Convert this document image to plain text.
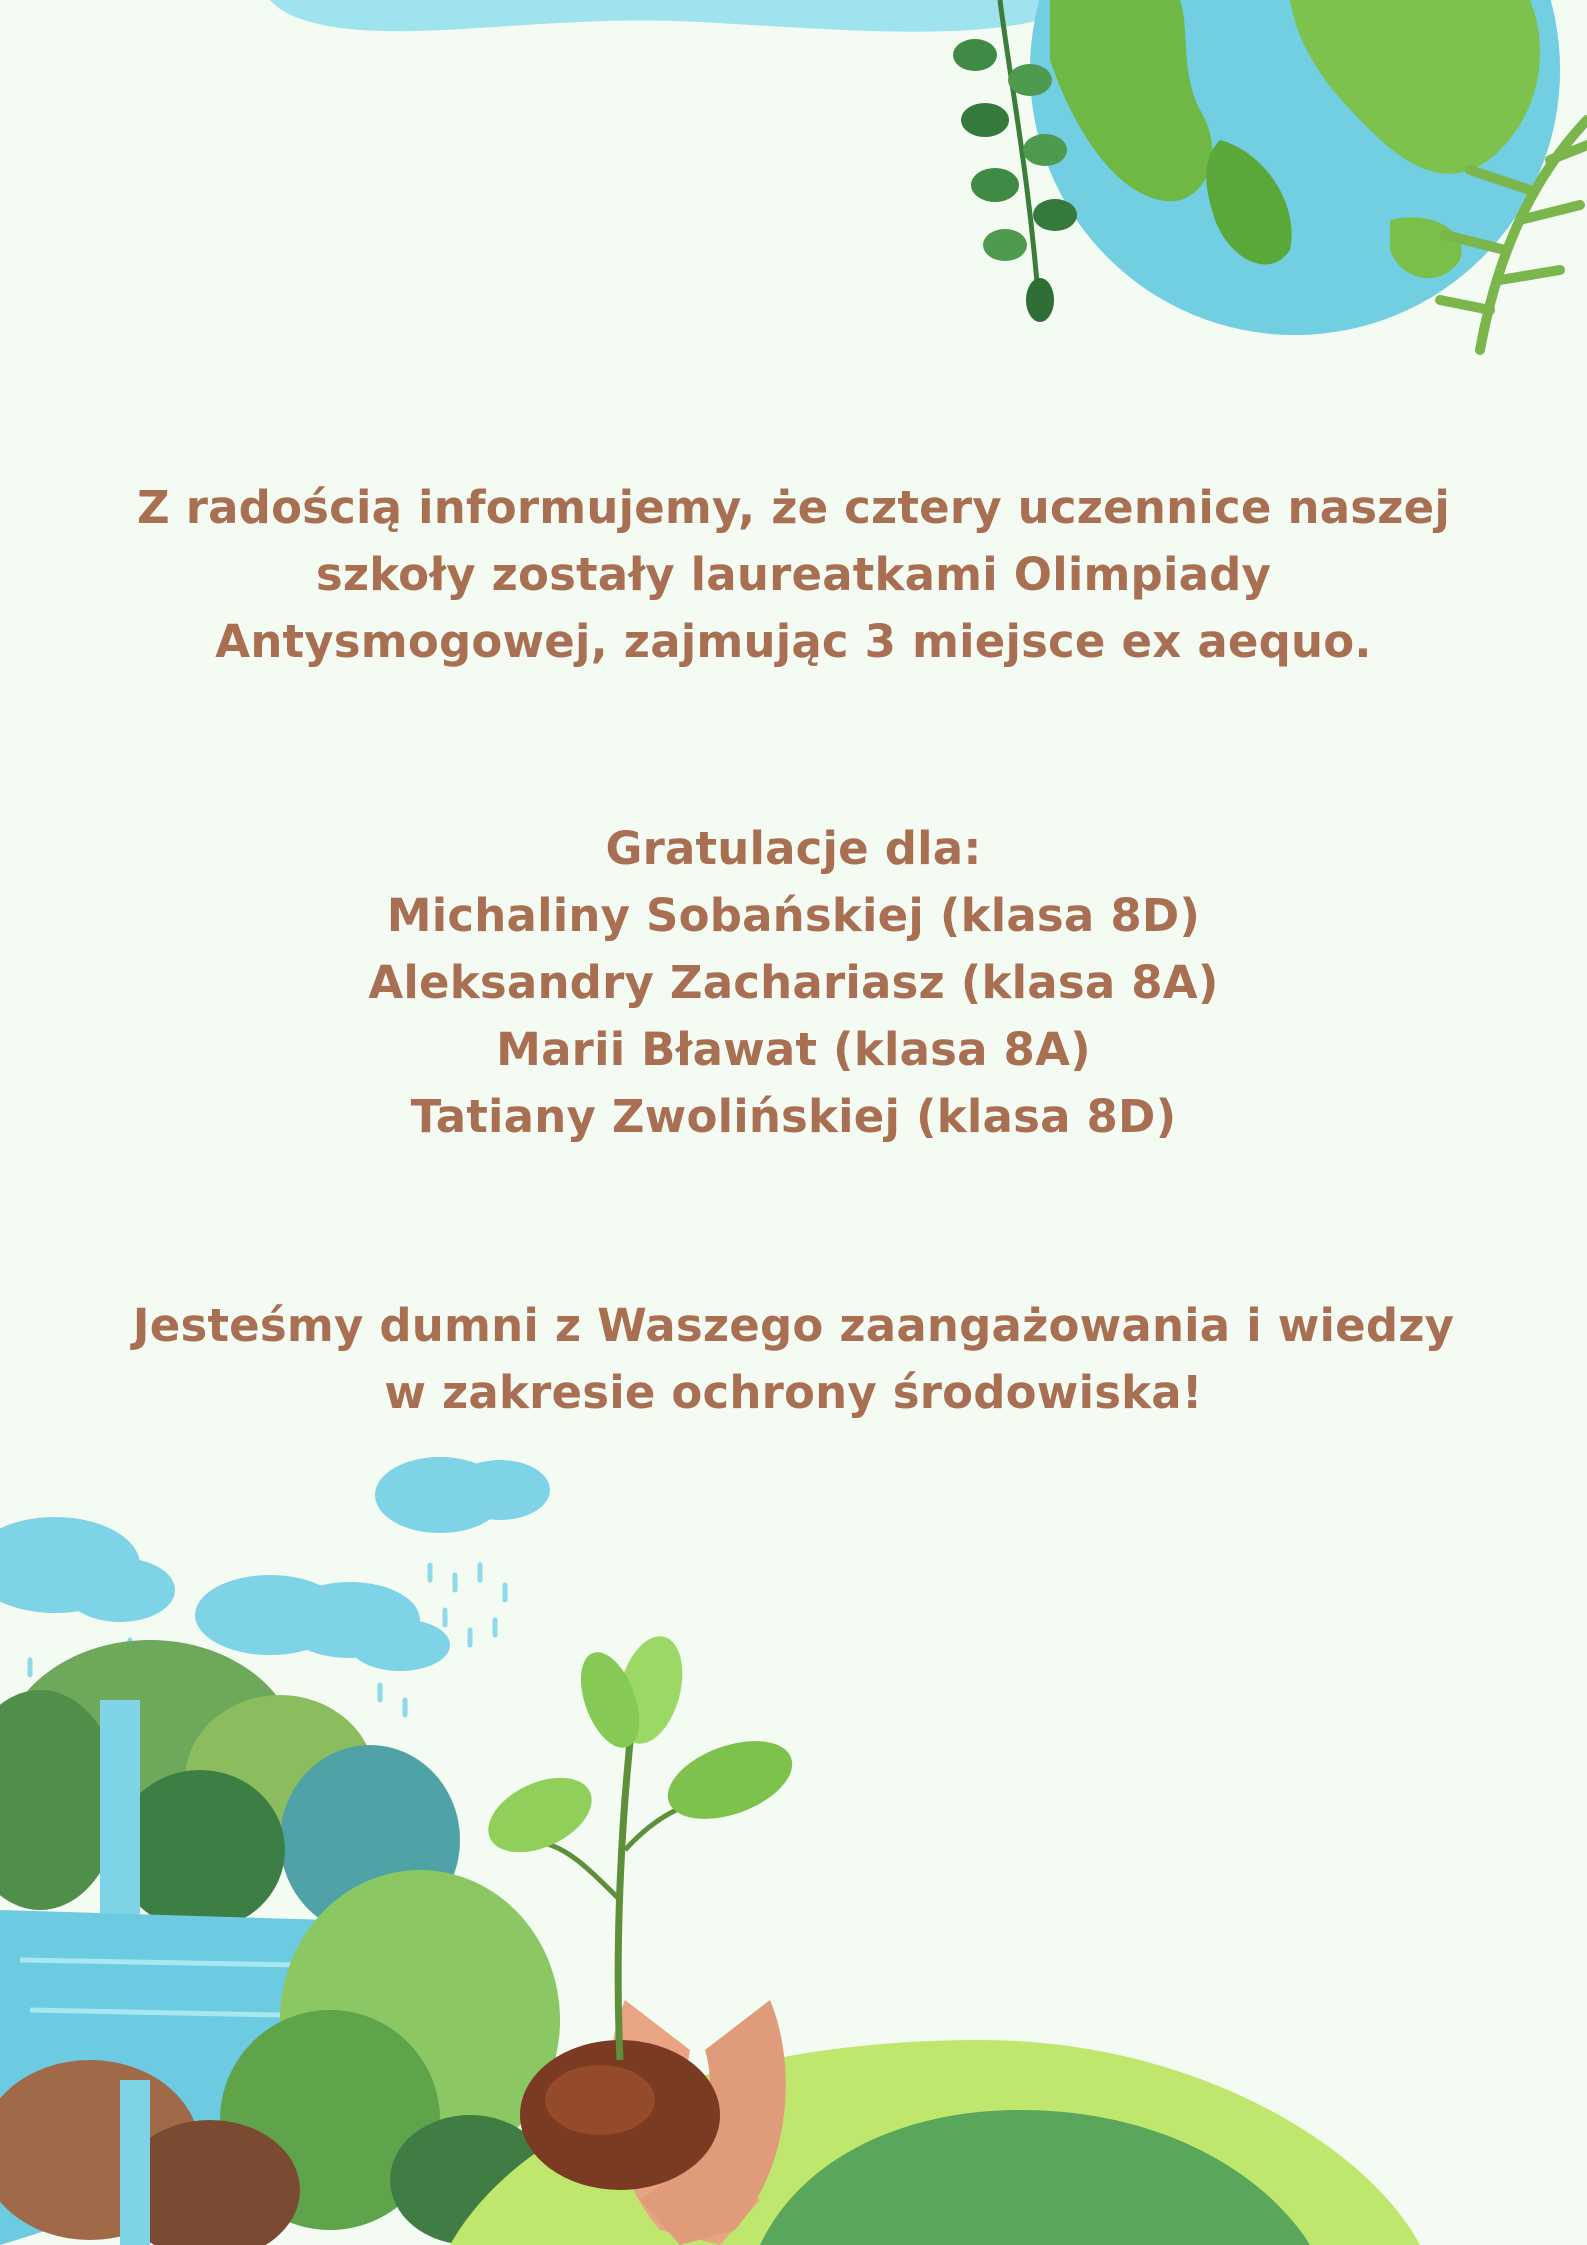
Z radością informujemy, że cztery uczennice naszej
szkoły zostały laureatkami Olimpiady
Antysmogowej, zajmując 3 miejsce ex aequo.
Gratulacje dla:
Michaliny Sobańskiej (klasa 8D)
Aleksandry Zachariasz (klasa 8A)
Marii Bławat (klasa 8A)
Tatiany Zwolińskiej (klasa 8D)
Jesteśmy dumni z Waszego zaangażowania i wiedzy
w zakresie ochrony środowiska!
